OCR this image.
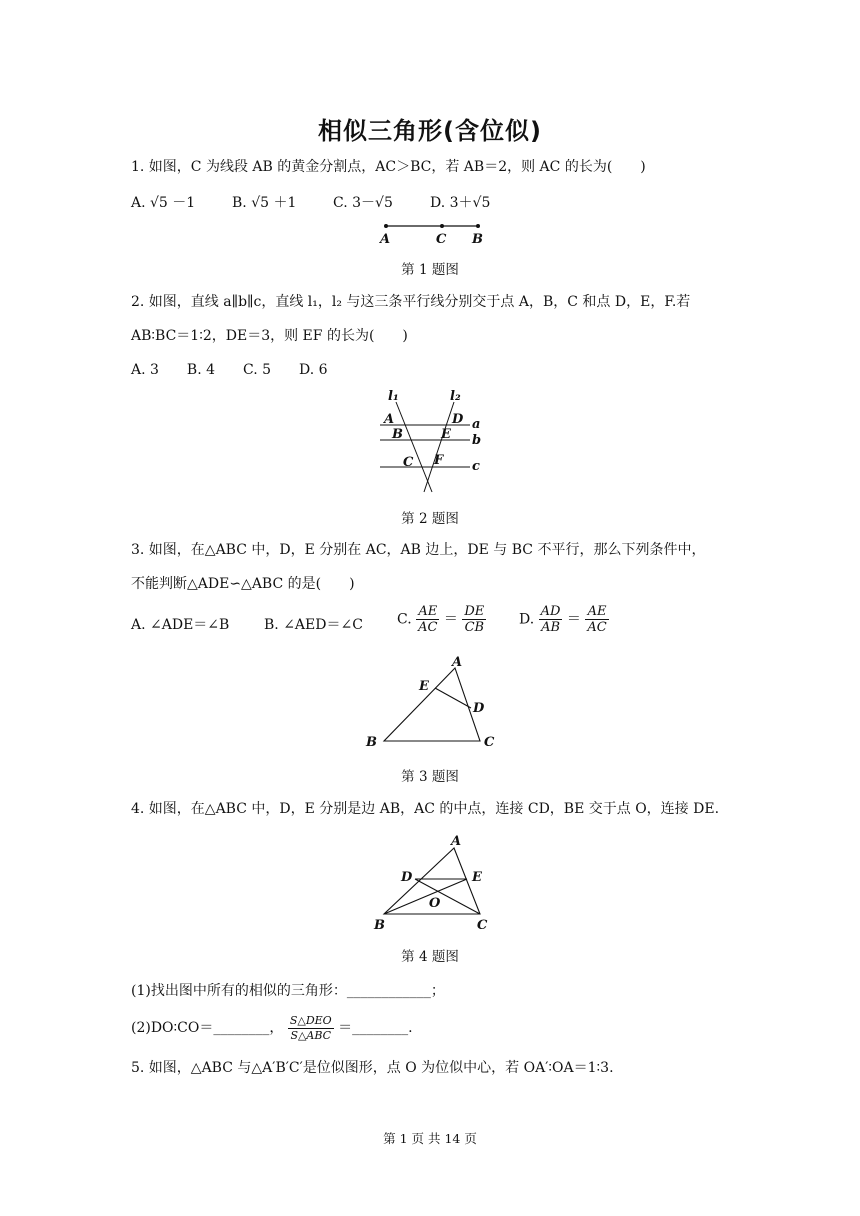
相似三角形(含位似)
1. 如图，C 为线段 AB 的黄金分割点，AC＞BC，若 AB＝2，则 AC 的长为(　　)
A. √5 －1	B. √5 ＋1	C. 3－√5	D. 3＋√5
A	C B
第 1 题图
2. 如图，直线 a∥b∥c，直线 l₁，l₂ 与这三条平行线分别交于点 A，B，C 和点 D，E，F.若
AB∶BC＝1∶2，DE＝3，则 EF 的长为(　　)
A. 3　　B. 4　　C. 5　　D. 6
l₁	l₂
A
B
C
D
E
F
a
b
c
第 2 题图
3. 如图，在△ABC 中，D，E 分别在 AC，AB 边上，DE 与 BC 不平行，那么下列条件中，
不能判断△ADE∽△ABC 的是(　　)
A. ∠ADE＝∠B B. ∠AED＝∠C C. $\frac{AE}{AC} = \frac{DE}{CB} D$. $\frac{AD}{AB} = \frac{AE}{AC}$
A
B	C
D
E
第 3 题图
4. 如图，在△ABC 中，D，E 分别是边 AB，AC 的中点，连接 CD，BE 交于点 O，连接 DE.
A
B	C
D	E
O
第 4 题图
(1)找出图中所有的相似的三角形：____________；
(2)DO∶CO＝________， $\frac{\text{S△DEO}}{\text{S△ABC}}$ ＝________.
5. 如图，△ABC 与△A′B′C′是位似图形，点 O 为位似中心，若 OA′∶OA＝1∶3.
第 1 页 共 14 页
